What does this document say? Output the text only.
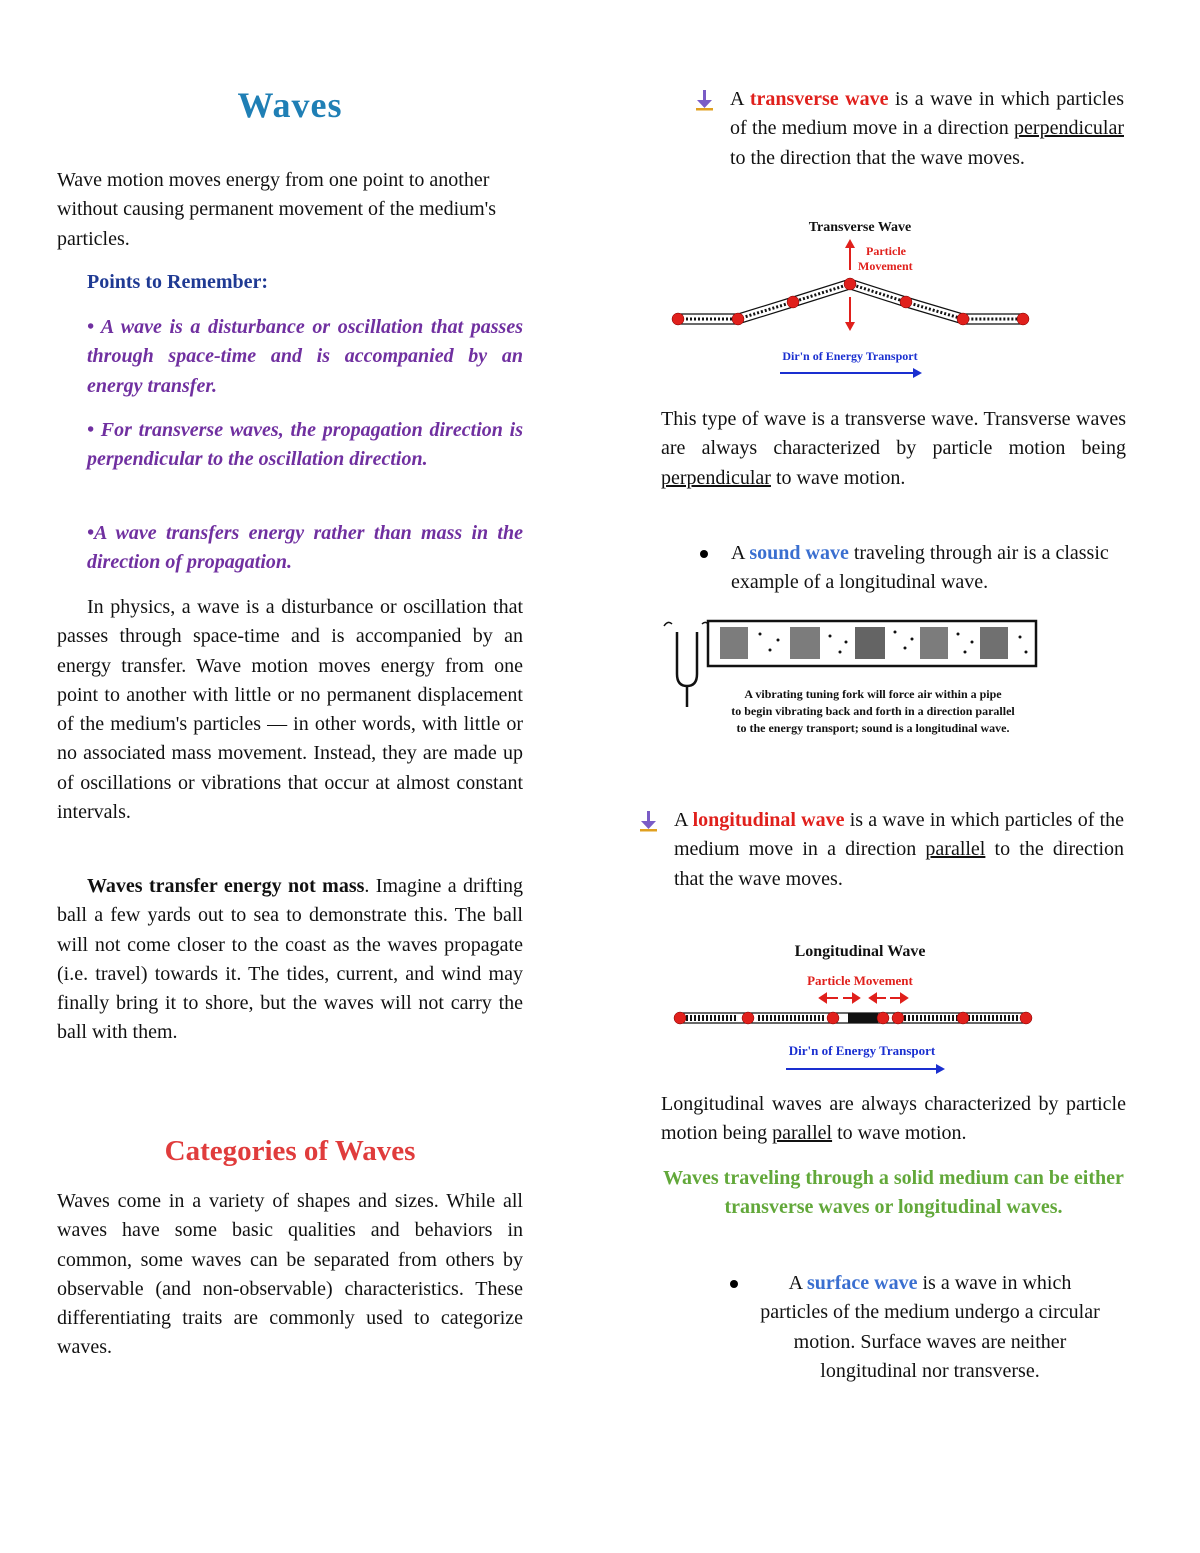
Waves

Wave motion moves energy from one point to another without causing permanent movement of the medium's particles.

Points to Remember:

• A wave is a disturbance or oscillation that passes through space-time and is accompanied by an energy transfer.

• For transverse waves, the propagation direction is perpendicular to the oscillation direction.

•A wave transfers energy rather than mass in the direction of propagation.

In physics, a wave is a disturbance or oscillation that passes through space-time and is accompanied by an energy transfer. Wave motion moves energy from one point to another with little or no permanent displacement of the medium's particles — in other words, with little or no associated mass movement. Instead, they are made up of oscillations or vibrations that occur at almost constant intervals.

Waves transfer energy not mass. Imagine a drifting ball a few yards out to sea to demonstrate this. The ball will not come closer to the coast as the waves propagate (i.e. travel) towards it. The tides, current, and wind may finally bring it to shore, but the waves will not carry the ball with them.

Categories of Waves

Waves come in a variety of shapes and sizes. While all waves have some basic qualities and behaviors in common, some waves can be separated from others by observable (and non-observable) characteristics. These differentiating traits are commonly used to categorize waves.

A transverse wave is a wave in which particles of the medium move in a direction perpendicular to the direction that the wave moves.

Transverse Wave
Particle
Movement
Dir'n of Energy Transport

This type of wave is a transverse wave. Transverse waves are always characterized by particle motion being perpendicular to wave motion.

A sound wave traveling through air is a classic example of a longitudinal wave.

A vibrating tuning fork will force air within a pipe
to begin vibrating back and forth in a direction parallel
to the energy transport; sound is a longitudinal wave.

A longitudinal wave is a wave in which particles of the medium move in a direction parallel to the direction that the wave moves.

Longitudinal Wave
Particle Movement
Dir'n of Energy Transport

Longitudinal waves are always characterized by particle motion being parallel to wave motion.

Waves traveling through a solid medium can be either transverse waves or longitudinal waves.

A surface wave is a wave in which particles of the medium undergo a circular motion. Surface waves are neither longitudinal nor transverse.
